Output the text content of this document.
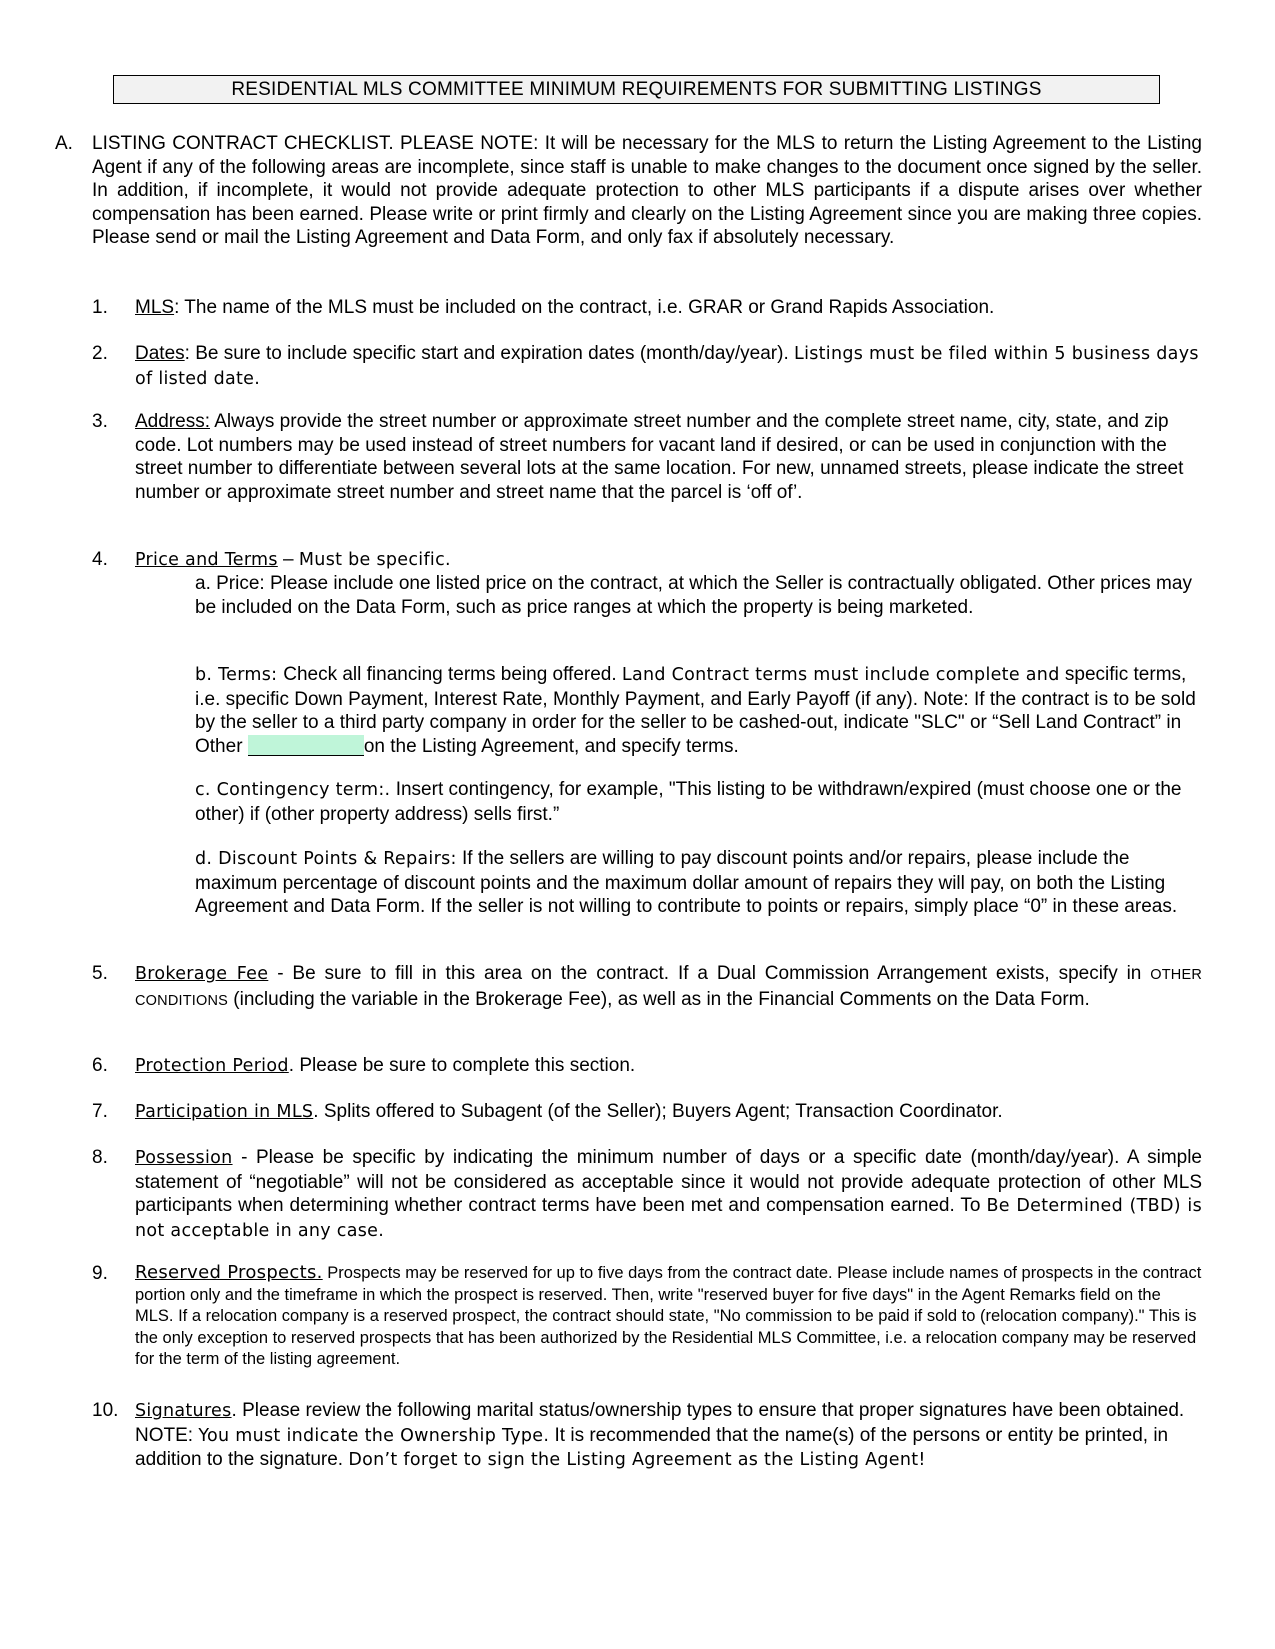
RESIDENTIAL MLS COMMITTEE MINIMUM REQUIREMENTS FOR SUBMITTING LISTINGS
A. LISTING CONTRACT CHECKLIST. PLEASE NOTE: It will be necessary for the MLS to return the Listing Agreement to the Listing Agent if any of the following areas are incomplete, since staff is unable to make changes to the document once signed by the seller. In addition, if incomplete, it would not provide adequate protection to other MLS participants if a dispute arises over whether compensation has been earned. Please write or print firmly and clearly on the Listing Agreement since you are making three copies. Please send or mail the Listing Agreement and Data Form, and only fax if absolutely necessary.
1.	MLS: The name of the MLS must be included on the contract, i.e. GRAR or Grand Rapids Association.
2.	Dates: Be sure to include specific start and expiration dates (month/day/year). Listings must be filed within 5 business days of listed date.
3.	Address: Always provide the street number or approximate street number and the complete street name, city, state, and zip code. Lot numbers may be used instead of street numbers for vacant land if desired, or can be used in conjunction with the street number to differentiate between several lots at the same location. For new, unnamed streets, please indicate the street number or approximate street number and street name that the parcel is ‘off of’.
4.	Price and Terms – Must be specific.
a. Price: Please include one listed price on the contract, at which the Seller is contractually obligated. Other prices may be included on the Data Form, such as price ranges at which the property is being marketed.
b. Terms: Check all financing terms being offered. Land Contract terms must include complete and specific terms, i.e. specific Down Payment, Interest Rate, Monthly Payment, and Early Payoff (if any). Note: If the contract is to be sold by the seller to a third party company in order for the seller to be cashed-out, indicate "SLC" or “Sell Land Contract” in Other	on the Listing Agreement, and specify terms.
c. Contingency term:. Insert contingency, for example, "This listing to be withdrawn/expired (must choose one or the other) if (other property address) sells first.”
d. Discount Points & Repairs: If the sellers are willing to pay discount points and/or repairs, please include the maximum percentage of discount points and the maximum dollar amount of repairs they will pay, on both the Listing Agreement and Data Form. If the seller is not willing to contribute to points or repairs, simply place “0” in these areas.
5.	Brokerage Fee - Be sure to fill in this area on the contract. If a Dual Commission Arrangement exists, specify in OTHER CONDITIONS (including the variable in the Brokerage Fee), as well as in the Financial Comments on the Data Form.
6.	Protection Period. Please be sure to complete this section.
7.	Participation in MLS. Splits offered to Subagent (of the Seller); Buyers Agent; Transaction Coordinator.
8.	Possession - Please be specific by indicating the minimum number of days or a specific date (month/day/year). A simple statement of “negotiable” will not be considered as acceptable since it would not provide adequate protection of other MLS participants when determining whether contract terms have been met and compensation earned. To Be Determined (TBD) is not acceptable in any case.
9.	Reserved Prospects. Prospects may be reserved for up to five days from the contract date. Please include names of prospects in the contract portion only and the timeframe in which the prospect is reserved. Then, write "reserved buyer for five days" in the Agent Remarks field on the MLS. If a relocation company is a reserved prospect, the contract should state, "No commission to be paid if sold to (relocation company)." This is the only exception to reserved prospects that has been authorized by the Residential MLS Committee, i.e. a relocation company may be reserved for the term of the listing agreement.
10. Signatures. Please review the following marital status/ownership types to ensure that proper signatures have been obtained. NOTE: You must indicate the Ownership Type. It is recommended that the name(s) of the persons or entity be printed, in addition to the signature. Don’t forget to sign the Listing Agreement as the Listing Agent!
